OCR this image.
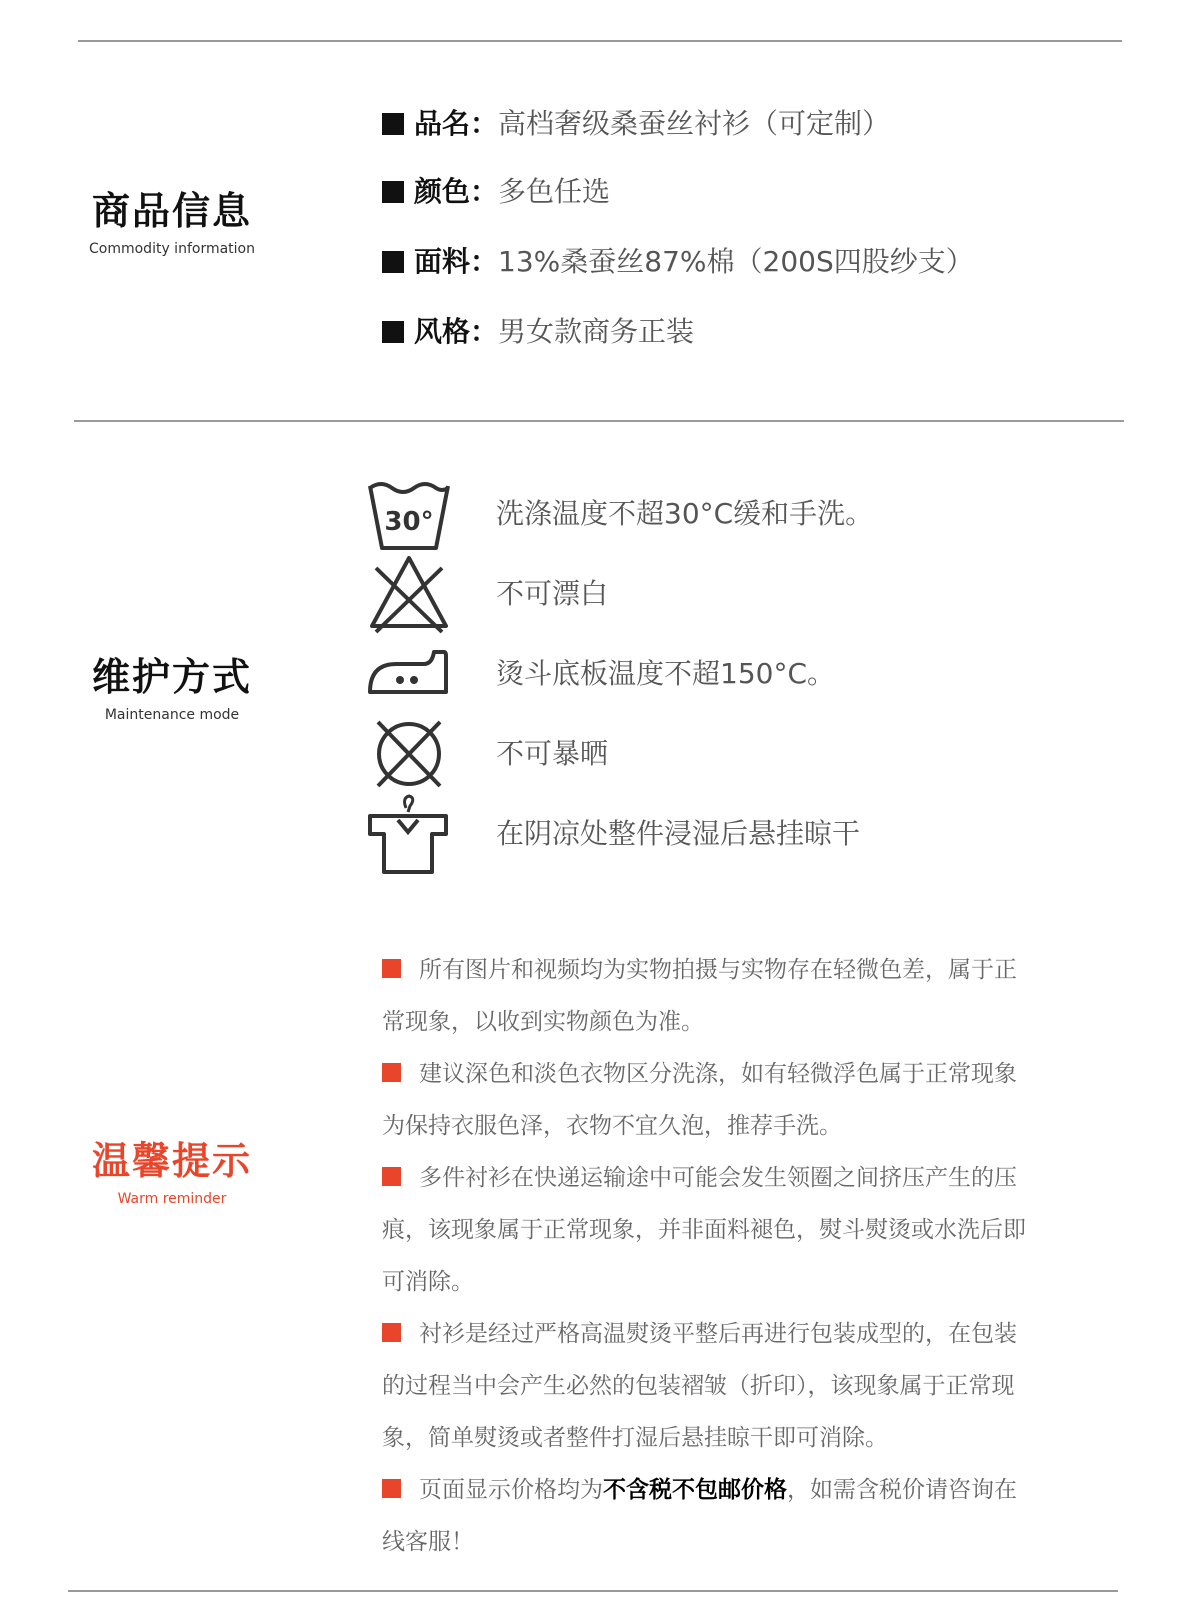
商品信息
Commodity information
品名：高档奢级桑蚕丝衬衫（可定制）
颜色：多色任选
面料：13%桑蚕丝87%棉（200S四股纱支）
风格：男女款商务正装
维护方式
Maintenance mode
30° 洗涤温度不超30°C缓和手洗。
不可漂白
烫斗底板温度不超150°C。
不可暴晒
在阴凉处整件浸湿后悬挂晾干
温馨提示
Warm reminder

所有图片和视频均为实物拍摄与实物存在轻微色差，属于正常现象，以收到实物颜色为准。

建议深色和淡色衣物区分洗涤，如有轻微浮色属于正常现象为保持衣服色泽，衣物不宜久泡，推荐手洗。

多件衬衫在快递运输途中可能会发生领圈之间挤压产生的压痕，该现象属于正常现象，并非面料褪色，熨斗熨烫或水洗后即可消除。

衬衫是经过严格高温熨烫平整后再进行包装成型的，在包装的过程当中会产生必然的包装褶皱（折印），该现象属于正常现象，简单熨烫或者整件打湿后悬挂晾干即可消除。

页面显示价格均为不含税不包邮价格，如需含税价请咨询在线客服！
